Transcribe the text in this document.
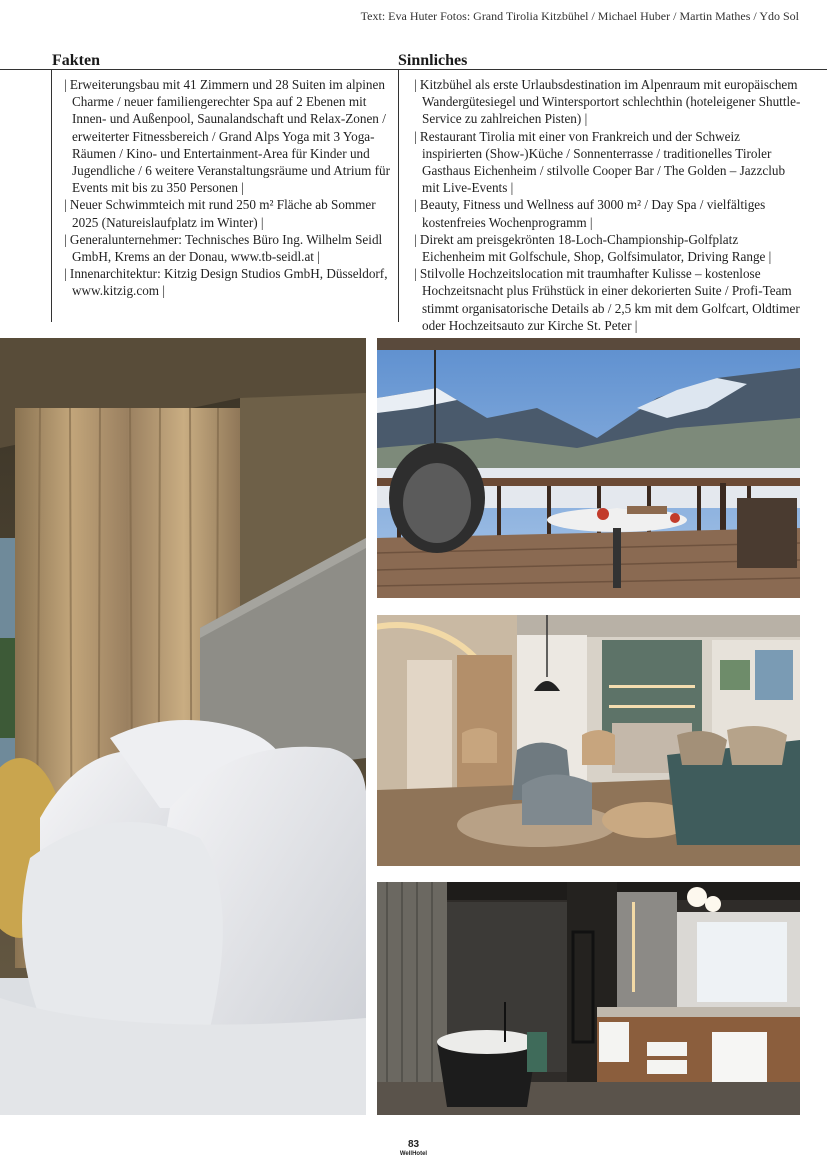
Text: Eva Huter Fotos: Grand Tirolia Kitzbühel / Michael Huber / Martin Mathes / Ydo Sol
Fakten	Sinnliches

| Erweiterungsbau mit 41 Zimmern und 28 Suiten im alpinen Charme / neuer familiengerechter Spa auf 2 Ebenen mit Innen- und Außenpool, Saunalandschaft und Relax-Zonen / erweiterter Fitnessbereich / Grand Alps Yoga mit 3 Yoga-Räumen / Kino- und Entertainment-Area für Kinder und Jugendliche / 6 weitere Veranstaltungsräume und Atrium für Events mit bis zu 350 Personen |

| Neuer Schwimmteich mit rund 250 m² Fläche ab Sommer 2025 (Natureislaufplatz im Winter) |

| Generalunternehmer: Technisches Büro Ing. Wilhelm Seidl GmbH, Krems an der Donau, www.tb-seidl.at |

| Innenarchitektur: Kitzig Design Studios GmbH, Düsseldorf, www.kitzig.com |

| Kitzbühel als erste Urlaubsdestination im Alpenraum mit europäischem Wandergütesiegel und Wintersportort schlechthin (hoteleigener Shuttle-Service zu zahlreichen Pisten) |

| Restaurant Tirolia mit einer von Frankreich und der Schweiz inspirierten (Show-)Küche / Sonnenterrasse / traditionelles Tiroler Gasthaus Eichenheim / stilvolle Cooper Bar / The Golden – Jazzclub mit Live-Events |

| Beauty, Fitness und Wellness auf 3000 m² / Day Spa / vielfältiges kostenfreies Wochenprogramm |

| Direkt am preisgekrönten 18-Loch-Championship-Golfplatz Eichenheim mit Golfschule, Shop, Golfsimulator, Driving Range |

| Stilvolle Hochzeitslocation mit traumhafter Kulisse – kostenlose Hochzeitsnacht plus Frühstück in einer dekorierten Suite / Profi-Team stimmt organisatorische Details ab / 2,5 km mit dem Golfcart, Oldtimer oder Hochzeitsauto zur Kirche St. Peter |

83
WellHotel
